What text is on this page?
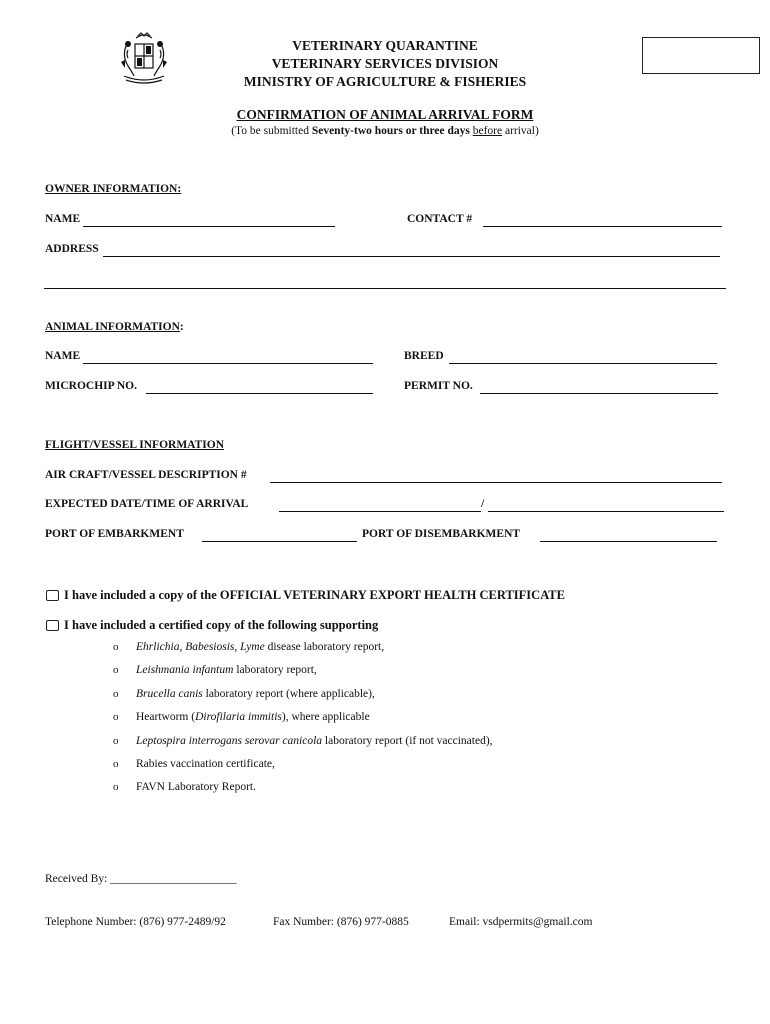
VETERINARY QUARANTINE
VETERINARY SERVICES DIVISION
MINISTRY OF AGRICULTURE & FISHERIES
CONFIRMATION OF ANIMAL ARRIVAL FORM
(To be submitted Seventy-two hours or three days before arrival)
OWNER INFORMATION:
NAME	CONTACT #
ADDRESS
ANIMAL INFORMATION:
NAME	BREED
MICROCHIP NO.	PERMIT NO.
FLIGHT/VESSEL INFORMATION
AIR CRAFT/VESSEL DESCRIPTION #
EXPECTED DATE/TIME OF ARRIVAL	/
PORT OF EMBARKMENT	PORT OF DISEMBARKMENT
I have included a copy of the OFFICIAL VETERINARY EXPORT HEALTH CERTIFICATE
I have included a certified copy of the following supporting
o Ehrlichia, Babesiosis, Lyme disease laboratory report,
o Leishmania infantum laboratory report,
o Brucella canis laboratory report (where applicable),
o Heartworm (Dirofilaria immitis), where applicable
o Leptospira interrogans serovar canicola laboratory report (if not vaccinated),
o Rabies vaccination certificate,
o FAVN Laboratory Report.
Received By: ______________________
Telephone Number: (876) 977-2489/92	Fax Number: (876) 977-0885	Email: vsdpermits@gmail.com
